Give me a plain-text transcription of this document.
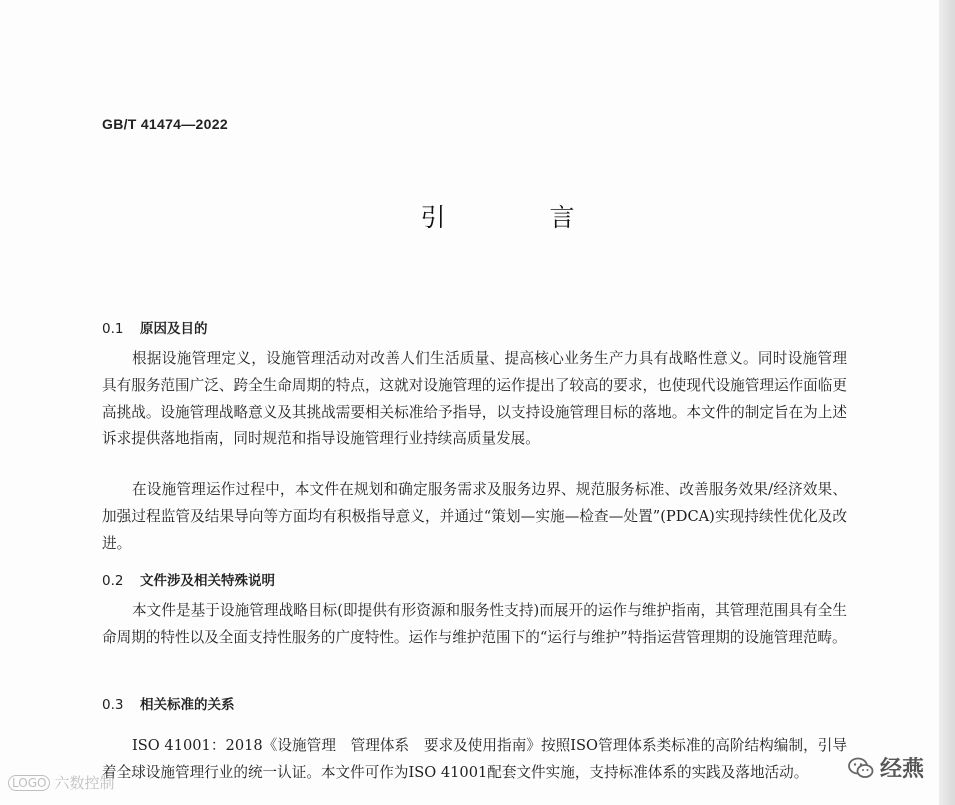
GB/T 41474—2022
引 言
0.1 原因及目的

根据设施管理定义，设施管理活动对改善人们生活质量、提高核心业务生产力具有战略性意义。同时设施管理具有服务范围广泛、跨全生命周期的特点，这就对设施管理的运作提出了较高的要求，也使现代设施管理运作面临更高挑战。设施管理战略意义及其挑战需要相关标准给予指导，以支持设施管理目标的落地。本文件的制定旨在为上述诉求提供落地指南，同时规范和指导设施管理行业持续高质量发展。

在设施管理运作过程中，本文件在规划和确定服务需求及服务边界、规范服务标准、改善服务效果/经济效果、加强过程监管及结果导向等方面均有积极指导意义，并通过“策划—实施—检查—处置”(PDCA)实现持续性优化及改进。

0.2 文件涉及相关特殊说明

本文件是基于设施管理战略目标(即提供有形资源和服务性支持)而展开的运作与维护指南，其管理范围具有全生命周期的特性以及全面支持性服务的广度特性。运作与维护范围下的“运行与维护”特指运营管理期的设施管理范畴。

0.3 相关标准的关系

ISO 41001：2018《设施管理　管理体系　要求及使用指南》按照ISO管理体系类标准的高阶结构编制，引导着全球设施管理行业的统一认证。本文件可作为ISO 41001配套文件实施，支持标准体系的实践及落地活动。

LOGO 六数控制
经燕
